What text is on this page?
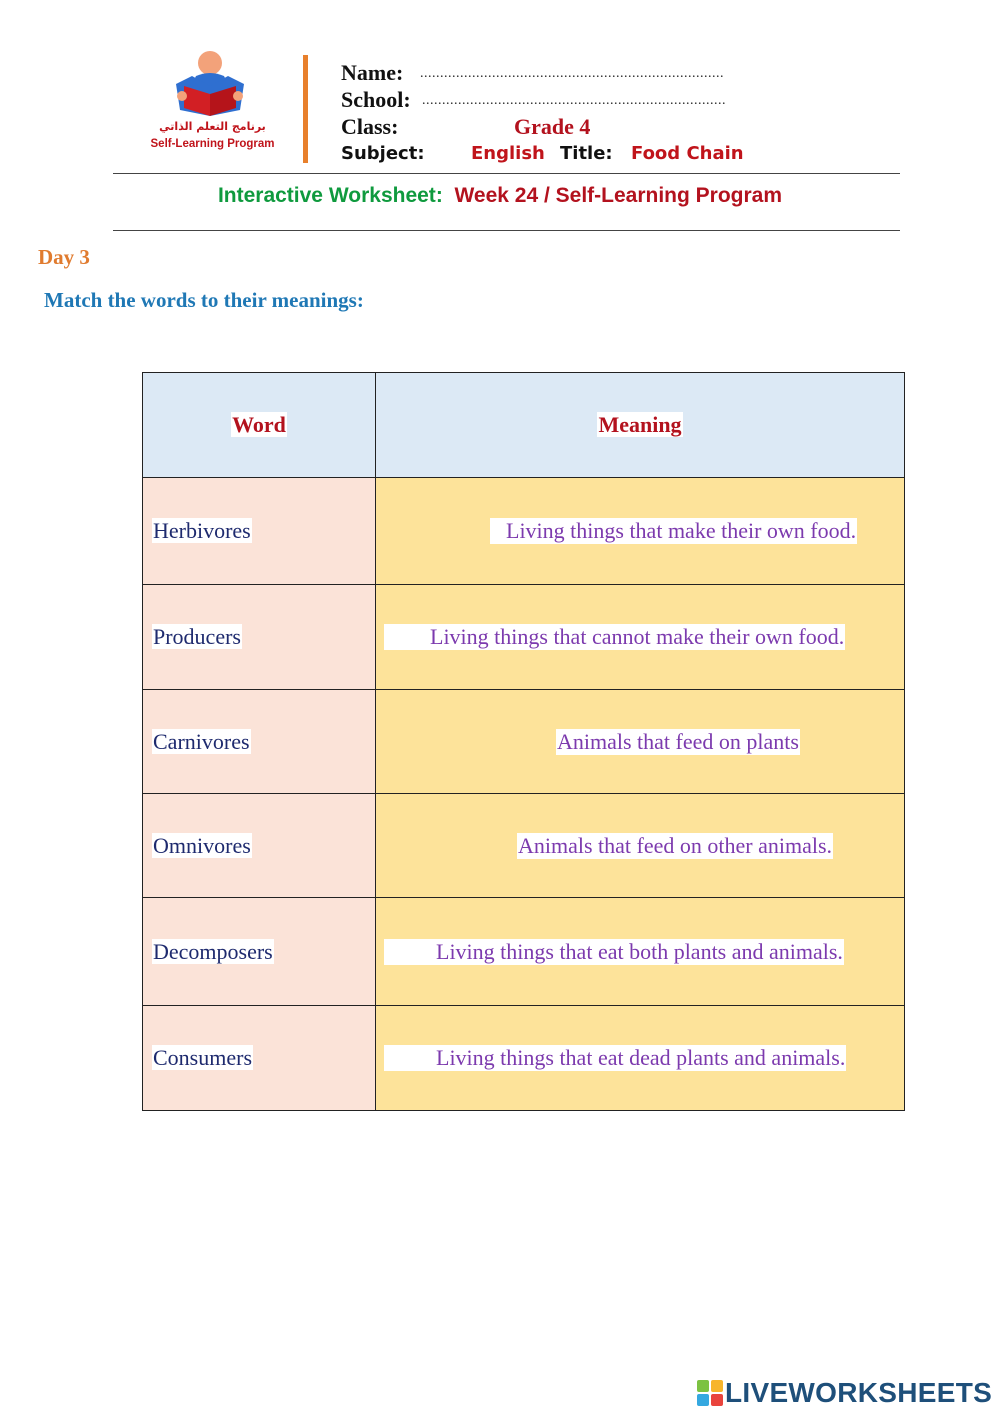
برنامج التعلم الذاتي
Self-Learning Program
Name: ............................................................................
School: ............................................................................
Class:	Grade 4
Subject:	English Title: Food Chain
Interactive Worksheet: Week 24 / Self-Learning Program
Day 3
Match the words to their meanings:
Word	Meaning
Herbivores	Living things that make their own food.

Producers	Living things that cannot make their own food.

Carnivores	Animals that feed on plants

Omnivores	Animals that feed on other animals.

Decomposers	Living things that eat both plants and animals.

Consumers	Living things that eat dead plants and animals.
LIVEWORKSHEETS
